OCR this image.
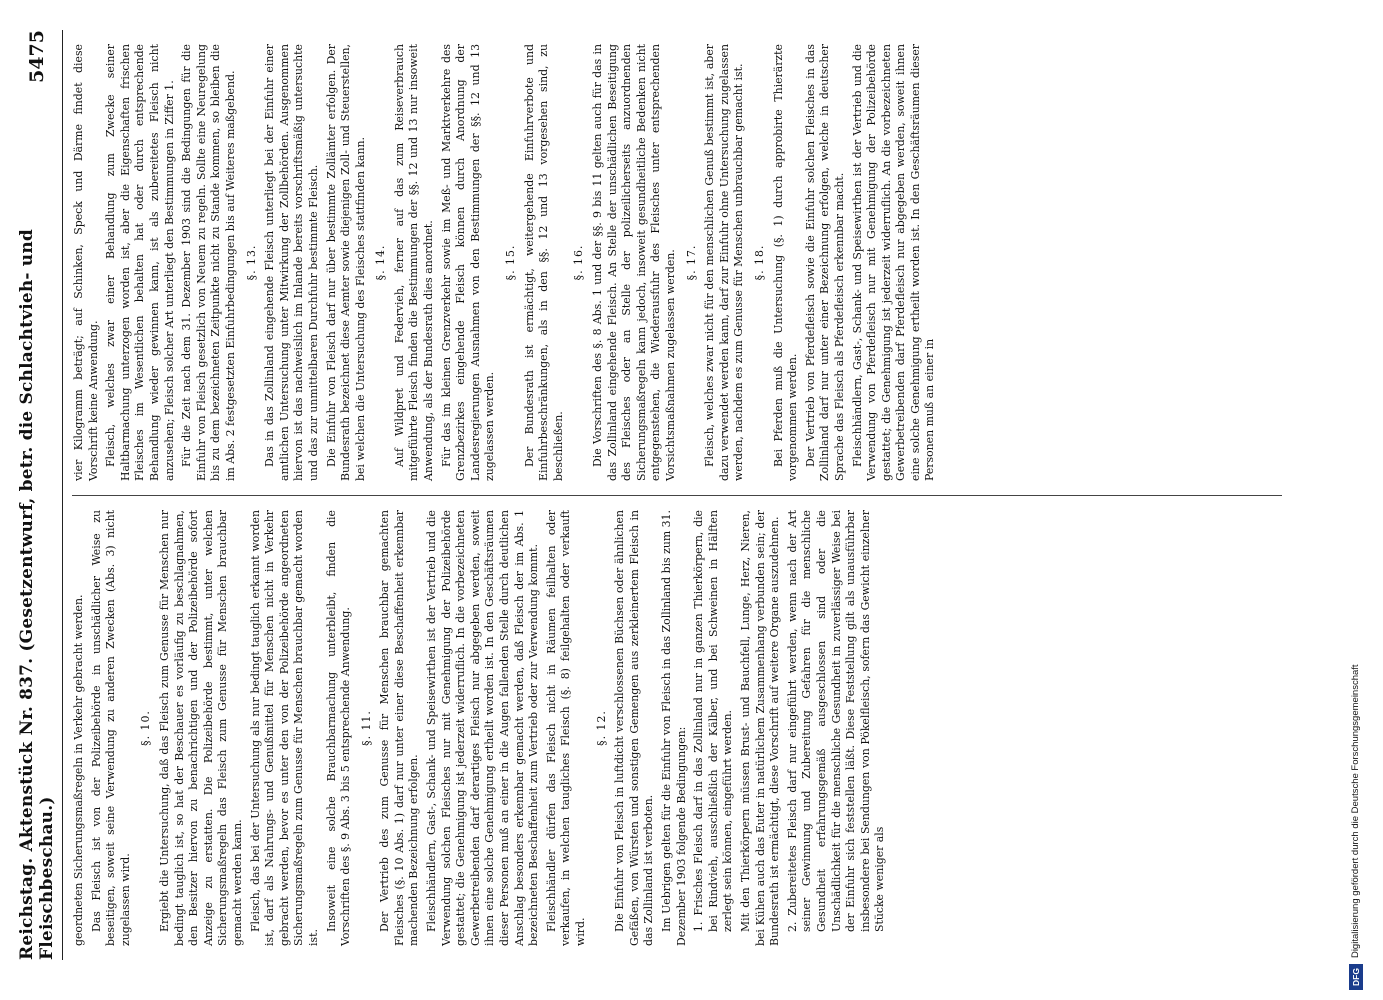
Reichstag. Aktenstück Nr. 837. (Gesetzentwurf, betr. die Schlachtvieh- und Fleischbeschau.)
5475

geordneten Sicherungsmaßregeln in Verkehr gebracht werden. Das Fleisch ist von der Polizeibehörde in unschädlicher Weise zu beseitigen, soweit seine Verwendung zu anderen Zwecken (Abs. 3) nicht zugelassen wird.

§. 10. Ergiebt die Untersuchung, daß das Fleisch zum Genusse für Menschen nur bedingt tauglich ist, so hat der Beschauer es vorläufig zu beschlagnahmen, den Besitzer hiervon zu benachrichtigen und der Polizeibehörde sofort Anzeige zu erstatten. Die Polizeibehörde bestimmt, unter welchen Sicherungsmaßregeln das Fleisch zum Genusse für Menschen brauchbar gemacht werden kann. Fleisch, das bei der Untersuchung als nur bedingt tauglich erkannt worden ist, darf als Nahrungs- und Genußmittel für Menschen nicht in Verkehr gebracht werden, bevor es unter den von der Polizeibehörde angeordneten Sicherungsmaßregeln zum Genusse für Menschen brauchbar gemacht worden ist.

Insoweit eine solche Brauchbarmachung unterbleibt, finden die Vorschriften des §. 9 Abs. 3 bis 5 entsprechende Anwendung. §. 11. Der Vertrieb des zum Genusse für Menschen brauchbar gemachten Fleisches (§. 10 Abs. 1) darf nur unter einer diese Beschaffenheit erkennbar machenden Bezeichnung erfolgen. Fleischhändlern, Gast-, Schank- und Speisewirthen ist der Vertrieb und die Verwendung solchen Fleisches nur mit Genehmigung der Polizeibehörde gestattet; die Genehmigung ist jederzeit widerruflich. In die vorbezeichneten Gewerbetreibenden darf derartiges Fleisch nur abgegeben werden, soweit ihnen eine solche Genehmigung ertheilt worden ist. In den Geschäftsräumen dieser Personen muß an einer in die Augen fallenden Stelle durch deutlichen Anschlag besonders erkennbar gemacht werden, daß Fleisch der im Abs. 1 bezeichneten Beschaffenheit zum Vertrieb oder zur Verwendung kommt. Fleischhändler dürfen das Fleisch nicht in Räumen feilhalten oder verkaufen, in welchen taugliches Fleisch (§. 8) feilgehalten oder verkauft wird.

§. 12. Die Einfuhr von Fleisch in luftdicht verschlossenen Büchsen oder ähnlichen Gefäßen, von Würsten und sonstigen Gemengen aus zerkleinertem Fleisch in das Zollinland ist verboten. Im Uebrigen gelten für die Einfuhr von Fleisch in das Zollinland bis zum 31. Dezember 1903 folgende Bedingungen: 1.Frisches Fleisch darf in das Zollinland nur in ganzen Thierkörpern, die bei Rindvieh, ausschließlich der Kälber, und bei Schweinen in Hälften zerlegt sein können, eingeführt werden. Mit den Thierkörpern müssen Brust- und Bauchfell, Lunge, Herz, Nieren, bei Kühen auch das Euter in natürlichem Zusammenhang verbunden sein; der Bundesrath ist ermächtigt, diese Vorschrift auf weitere Organe auszudehnen. 2.Zubereitetes Fleisch darf nur eingeführt werden, wenn nach der Art seiner Gewinnung und Zubereitung Gefahren für die menschliche Gesundheit erfahrungsgemäß ausgeschlossen sind oder die Unschädlichkeit für die menschliche Gesundheit in zuverlässiger Weise bei der Einfuhr sich feststellen läßt. Diese Feststellung gilt als unausführbar insbesondere bei Sendungen von Pökelfleisch, sofern das Gewicht einzelner Stücke weniger als

vier Kilogramm beträgt; auf Schinken, Speck und Därme findet diese Vorschrift keine Anwendung. Fleisch, welches zwar einer Behandlung zum Zwecke seiner Haltbarmachung unterzogen worden ist, aber die Eigenschaften frischen Fleisches im Wesentlichen behalten hat oder durch entsprechende Behandlung wieder gewinnen kann, ist als zubereitetes Fleisch nicht anzusehen; Fleisch solcher Art unterliegt den Bestimmungen in Ziffer 1. Für die Zeit nach dem 31. Dezember 1903 sind die Bedingungen für die Einfuhr von Fleisch gesetzlich von Neuem zu regeln. Sollte eine Neuregelung bis zu dem bezeichneten Zeitpunkte nicht zu Stande kommen, so bleiben die im Abs. 2 festgesetzten Einfuhrbedingungen bis auf Weiteres maßgebend. §. 13. Das in das Zollinland eingehende Fleisch unterliegt bei der Einfuhr einer amtlichen Untersuchung unter Mitwirkung der Zollbehörden. Ausgenommen hiervon ist das nachweislich im Inlande bereits vorschriftsmäßig untersuchte und das zur unmittelbaren Durchfuhr bestimmte Fleisch. Die Einfuhr von Fleisch darf nur über bestimmte Zollämter erfolgen. Der Bundesrath bezeichnet diese Aemter sowie diejenigen Zoll- und Steuerstellen, bei welchen die Untersuchung des Fleisches stattfinden kann. §. 14. Auf Wildpret und Federvieh, ferner auf das zum Reiseverbrauch mitgeführte Fleisch finden die Bestimmungen der §§. 12 und 13 nur insoweit Anwendung, als der Bundesrath dies anordnet. Für das im kleinen Grenzverkehr sowie im Meß- und Marktverkehre des Grenzbezirkes eingehende Fleisch können durch Anordnung der Landesregierungen Ausnahmen von den Bestimmungen der §§. 12 und 13 zugelassen werden.

§. 15. Der Bundesrath ist ermächtigt, weitergehende Einfuhrverbote und Einfuhrbeschränkungen, als in den §§. 12 und 13 vorgesehen sind, zu beschließen.

§. 16. Die Vorschriften des §. 8 Abs. 1 und der §§. 9 bis 11 gelten auch für das in das Zollinland eingehende Fleisch. An Stelle der unschädlichen Beseitigung des Fleisches oder an Stelle der polizeilicherseits anzuordnenden Sicherungsmaßregeln kann jedoch, insoweit gesundheitliche Bedenken nicht entgegenstehen, die Wiederausfuhr des Fleisches unter entsprechenden Vorsichtsmaßnahmen zugelassen werden. §. 17. Fleisch, welches zwar nicht für den menschlichen Genuß bestimmt ist, aber dazu verwendet werden kann, darf zur Einfuhr ohne Untersuchung zugelassen werden, nachdem es zum Genusse für Menschen unbrauchbar gemacht ist. §. 18. Bei Pferden muß die Untersuchung (§. 1) durch approbirte Thierärzte vorgenommen werden. Der Vertrieb von Pferdefleisch sowie die Einfuhr solchen Fleisches in das Zollinland darf nur unter einer Bezeichnung erfolgen, welche in deutscher Sprache das Fleisch als Pferdefleisch erkennbar macht. Fleischhändlern, Gast-, Schank- und Speisewirthen ist der Vertrieb und die Verwendung von Pferdefleisch nur mit Genehmigung der Polizeibehörde gestattet; die Genehmigung ist jederzeit widerruflich. An die vorbezeichneten Gewerbetreibenden darf Pferdefleisch nur abgegeben werden, soweit ihnen eine solche Genehmigung ertheilt worden ist. In den Geschäftsräumen dieser Personen muß an einer in

DFG
Digitalisierung gefördert durch die Deutsche Forschungsgemeinschaft
